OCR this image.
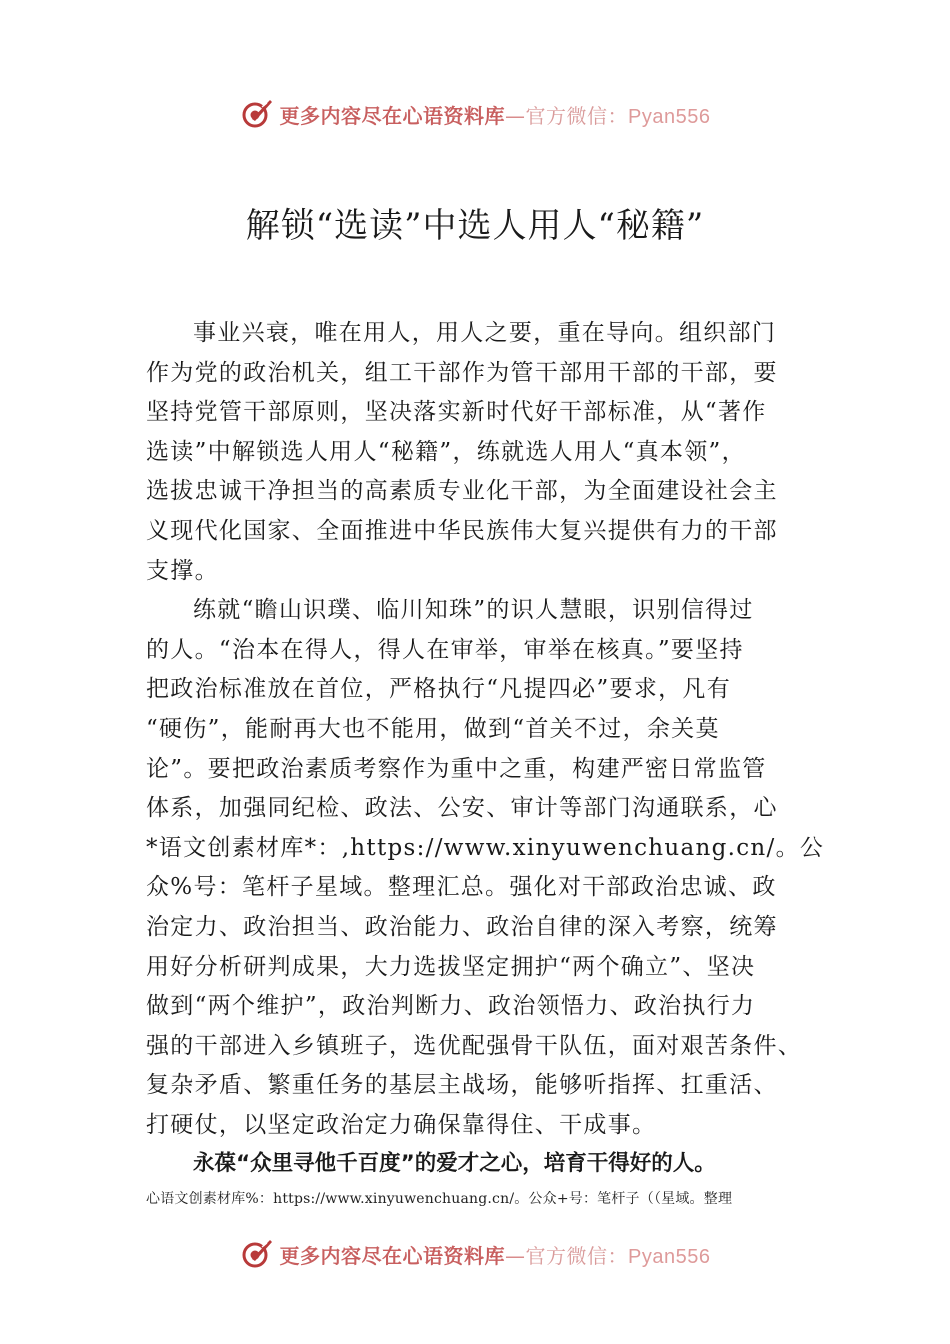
更多内容尽在心语资料库—官方微信：Pyan556
解锁“选读”中选人用人“秘籍”
事业兴衰，唯在用人，用人之要，重在导向。组织部门
作为党的政治机关，组工干部作为管干部用干部的干部，要
坚持党管干部原则，坚决落实新时代好干部标准，从“著作
选读”中解锁选人用人“秘籍”，练就选人用人“真本领”，
选拔忠诚干净担当的高素质专业化干部，为全面建设社会主
义现代化国家、全面推进中华民族伟大复兴提供有力的干部
支撑。
练就“瞻山识璞、临川知珠”的识人慧眼，识别信得过
的人。“治本在得人，得人在审举，审举在核真。”要坚持
把政治标准放在首位，严格执行“凡提四必”要求，凡有
“硬伤”，能耐再大也不能用，做到“首关不过，余关莫
论”。要把政治素质考察作为重中之重，构建严密日常监管
体系，加强同纪检、政法、公安、审计等部门沟通联系，心
*语文创素材库*：,https://www.xinyuwenchuang.cn/。公
众%号：笔杆子星域。整理汇总。强化对干部政治忠诚、政
治定力、政治担当、政治能力、政治自律的深入考察，统筹
用好分析研判成果，大力选拔坚定拥护“两个确立”、坚决
做到“两个维护”，政治判断力、政治领悟力、政治执行力
强的干部进入乡镇班子，选优配强骨干队伍，面对艰苦条件、
复杂矛盾、繁重任务的基层主战场，能够听指挥、扛重活、
打硬仗，以坚定政治定力确保靠得住、干成事。
永葆“众里寻他千百度”的爱才之心，培育干得好的人。
心语文创素材库%：https://www.xinyuwenchuang.cn/。公众+号：笔杆子（（星域。整理
更多内容尽在心语资料库—官方微信：Pyan556
